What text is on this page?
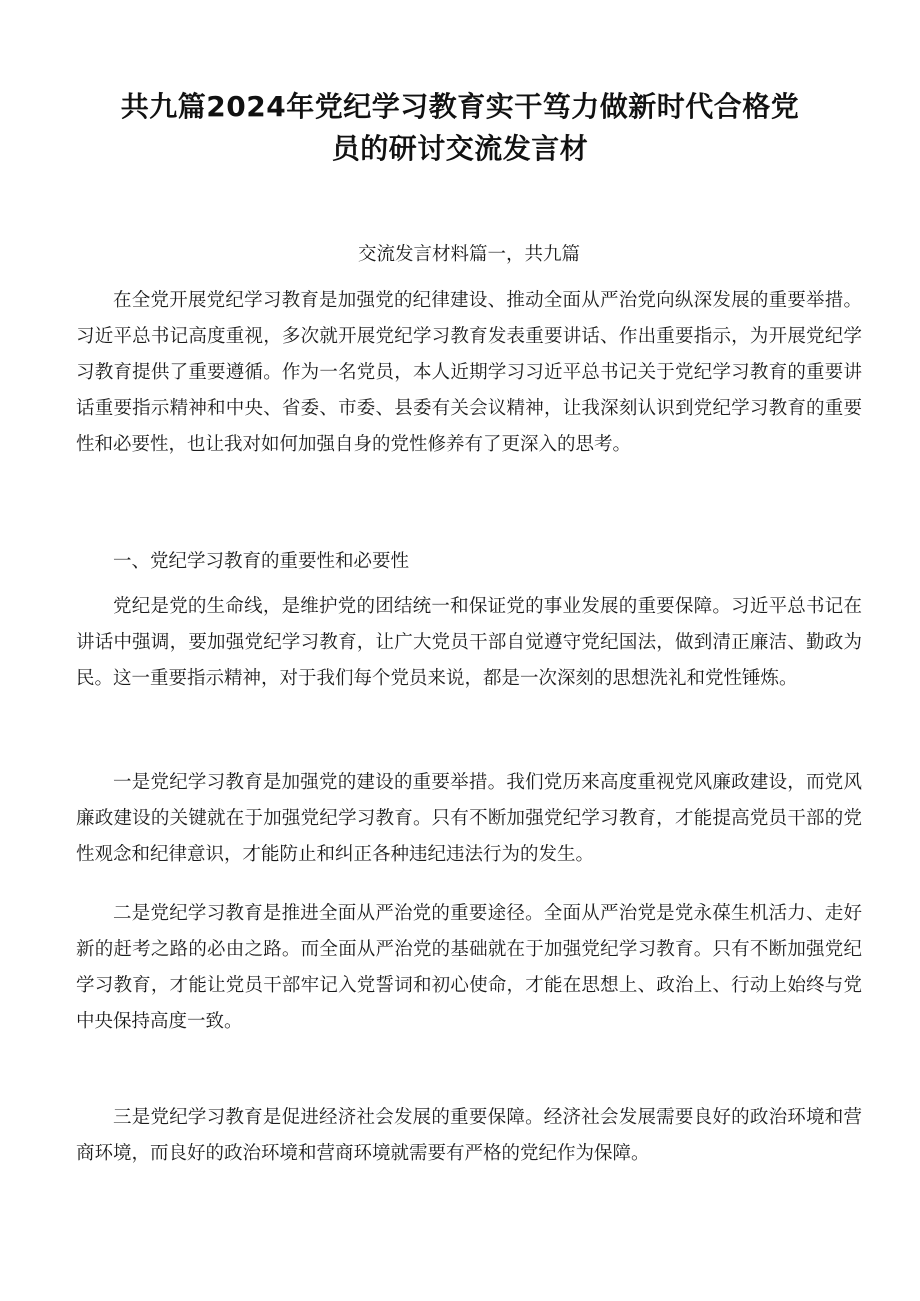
共九篇2024年党纪学习教育实干笃力做新时代合格党
员的研讨交流发言材
交流发言材料篇一，共九篇

在全党开展党纪学习教育是加强党的纪律建设、推动全面从严治党向纵深发展的重要举措。习近平总书记高度重视，多次就开展党纪学习教育发表重要讲话、作出重要指示，为开展党纪学习教育提供了重要遵循。作为一名党员，本人近期学习习近平总书记关于党纪学习教育的重要讲话重要指示精神和中央、省委、市委、县委有关会议精神，让我深刻认识到党纪学习教育的重要性和必要性，也让我对如何加强自身的党性修养有了更深入的思考。

一、党纪学习教育的重要性和必要性

党纪是党的生命线，是维护党的团结统一和保证党的事业发展的重要保障。习近平总书记在讲话中强调，要加强党纪学习教育，让广大党员干部自觉遵守党纪国法，做到清正廉洁、勤政为民。这一重要指示精神，对于我们每个党员来说，都是一次深刻的思想洗礼和党性锤炼。

一是党纪学习教育是加强党的建设的重要举措。我们党历来高度重视党风廉政建设，而党风廉政建设的关键就在于加强党纪学习教育。只有不断加强党纪学习教育，才能提高党员干部的党性观念和纪律意识，才能防止和纠正各种违纪违法行为的发生。

二是党纪学习教育是推进全面从严治党的重要途径。全面从严治党是党永葆生机活力、走好新的赶考之路的必由之路。而全面从严治党的基础就在于加强党纪学习教育。只有不断加强党纪学习教育，才能让党员干部牢记入党誓词和初心使命，才能在思想上、政治上、行动上始终与党中央保持高度一致。

三是党纪学习教育是促进经济社会发展的重要保障。经济社会发展需要良好的政治环境和营商环境，而良好的政治环境和营商环境就需要有严格的党纪作为保障。
